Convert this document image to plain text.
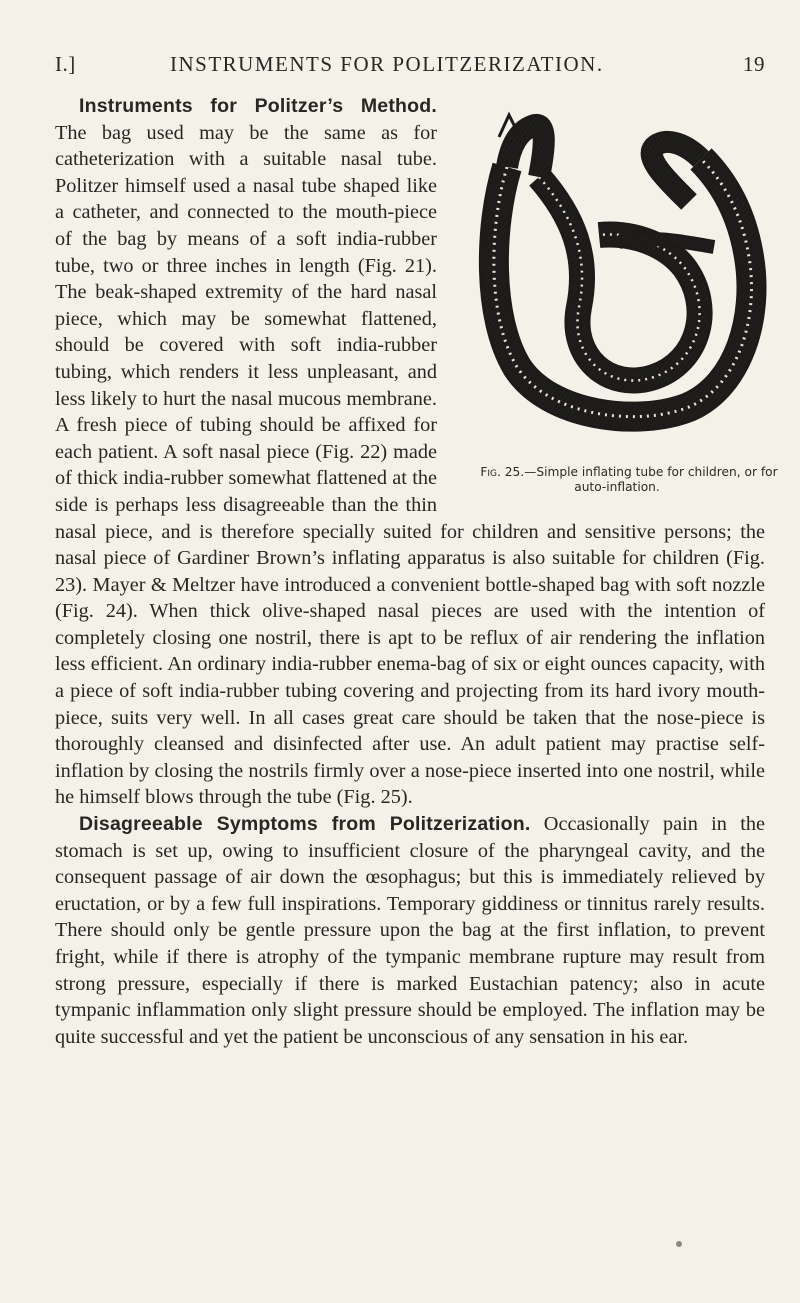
I.]	INSTRUMENTS FOR POLITZERIZATION.	19

Fig. 25.—Simple inflating tube for children, or for auto-inflation.
Instruments for Politzer’s Method. The bag used may be the same as for catheterization with a suitable nasal tube. Politzer himself used a nasal tube shaped like a catheter, and connected to the mouth-piece of the bag by means of a soft india-rubber tube, two or three inches in length (Fig. 21). The beak-shaped extremity of the hard nasal piece, which may be somewhat flattened, should be covered with soft india-rubber tubing, which renders it less unpleasant, and less likely to hurt the nasal mucous membrane. A fresh piece of tubing should be affixed for each patient. A soft nasal piece (Fig. 22) made of thick india-rubber somewhat flattened at the side is perhaps less disagreeable than the thin nasal piece, and is therefore specially suited for children and sensitive persons; the nasal piece of Gardiner Brown’s inflating apparatus is also suitable for children (Fig. 23). Mayer & Meltzer have introduced a convenient bottle-shaped bag with soft nozzle (Fig. 24). When thick olive-shaped nasal pieces are used with the intention of completely closing one nostril, there is apt to be reflux of air rendering the inflation less efficient. An ordinary india-rubber enema-bag of six or eight ounces capacity, with a piece of soft india-rubber tubing covering and projecting from its hard ivory mouth-piece, suits very well. In all cases great care should be taken that the nose-piece is thoroughly cleansed and disinfected after use. An adult patient may practise self-inflation by closing the nostrils firmly over a nose-piece inserted into one nostril, while he himself blows through the tube (Fig. 25).

Disagreeable Symptoms from Politzerization. Occasionally pain in the stomach is set up, owing to insufficient closure of the pharyngeal cavity, and the consequent passage of air down the œsophagus; but this is immediately relieved by eructation, or by a few full inspirations. Temporary giddiness or tinnitus rarely results. There should only be gentle pressure upon the bag at the first inflation, to prevent fright, while if there is atrophy of the tympanic membrane rupture may result from strong pressure, especially if there is marked Eustachian patency; also in acute tympanic inflammation only slight pressure should be employed. The inflation may be quite successful and yet the patient be unconscious of any sensation in his ear.
